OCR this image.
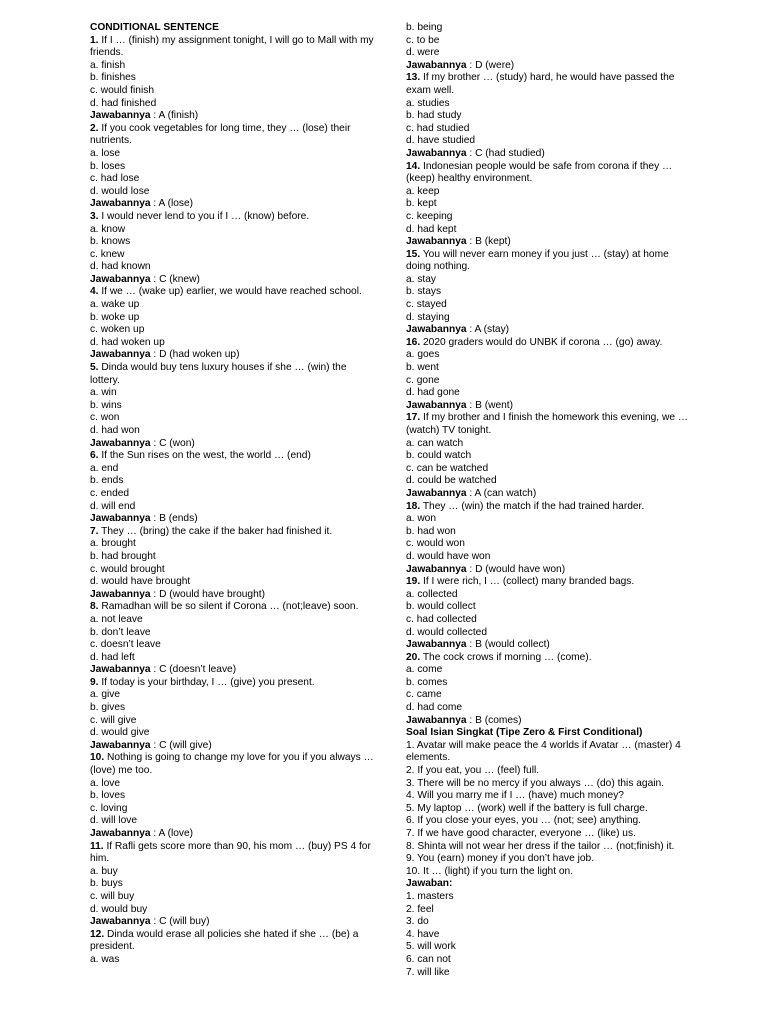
CONDITIONAL SENTENCE
1. If I … (finish) my assignment tonight, I will go to Mall with my friends.
a. finish
b. finishes
c. would finish
d. had finished
Jawabannya : A (finish)
2. If you cook vegetables for long time, they … (lose) their nutrients.
a. lose
b. loses
c. had lose
d. would lose
Jawabannya : A (lose)
3. I would never lend to you if I … (know) before.
a. know
b. knows
c. knew
d. had known
Jawabannya : C (knew)
4. If we … (wake up) earlier, we would have reached school.
a. wake up
b. woke up
c. woken up
d. had woken up
Jawabannya : D (had woken up)
5. Dinda would buy tens luxury houses if she … (win) the lottery.
a. win
b. wins
c. won
d. had won
Jawabannya : C (won)
6. If the Sun rises on the west, the world … (end)
a. end
b. ends
c. ended
d. will end
Jawabannya : B (ends)
7. They … (bring) the cake if the baker had finished it.
a. brought
b. had brought
c. would brought
d. would have brought
Jawabannya : D (would have brought)
8. Ramadhan will be so silent if Corona … (not;leave) soon.
a. not leave
b. don’t leave
c. doesn’t leave
d. had left
Jawabannya : C (doesn’t leave)
9. If today is your birthday, I … (give) you present.
a. give
b. gives
c. will give
d. would give
Jawabannya : C (will give)
10. Nothing is going to change my love for you if you always … (love) me too.
a. love
b. loves
c. loving
d. will love
Jawabannya : A (love)
11. If Rafli gets score more than 90, his mom … (buy) PS 4 for him.
a. buy
b. buys
c. will buy
d. would buy
Jawabannya : C (will buy)
12. Dinda would erase all policies she hated if she … (be) a president.
a. was
b. being
c. to be
d. were
Jawabannya : D (were)
13. If my brother … (study) hard, he would have passed the exam well.
a. studies
b. had study
c. had studied
d. have studied
Jawabannya : C (had studied)
14. Indonesian people would be safe from corona if they … (keep) healthy environment.
a. keep
b. kept
c. keeping
d. had kept
Jawabannya : B (kept)
15. You will never earn money if you just … (stay) at home doing nothing.
a. stay
b. stays
c. stayed
d. staying
Jawabannya : A (stay)
16. 2020 graders would do UNBK if corona … (go) away.
a. goes
b. went
c. gone
d. had gone
Jawabannya : B (went)
17. If my brother and I finish the homework this evening, we … (watch) TV tonight.
a. can watch
b. could watch
c. can be watched
d. could be watched
Jawabannya : A (can watch)
18. They … (win) the match if the had trained harder.
a. won
b. had won
c. would won
d. would have won
Jawabannya : D (would have won)
19. If I were rich, I … (collect) many branded bags.
a. collected
b. would collect
c. had collected
d. would collected
Jawabannya : B (would collect)
20. The cock crows if morning … (come).
a. come
b. comes
c. came
d. had come
Jawabannya : B (comes)
Soal Isian Singkat (Tipe Zero & First Conditional)
1. Avatar will make peace the 4 worlds if Avatar … (master) 4 elements.
2. If you eat, you … (feel) full.
3. There will be no mercy if you always … (do) this again.
4. Will you marry me if I … (have) much money?
5. My laptop … (work) well if the battery is full charge.
6. If you close your eyes, you … (not; see) anything.
7. If we have good character, everyone … (like) us.
8. Shinta will not wear her dress if the tailor … (not;finish) it.
9. You (earn) money if you don’t have job.
10. It … (light) if you turn the light on.
Jawaban:
1. masters
2. feel
3. do
4. have
5. will work
6. can not
7. will like
